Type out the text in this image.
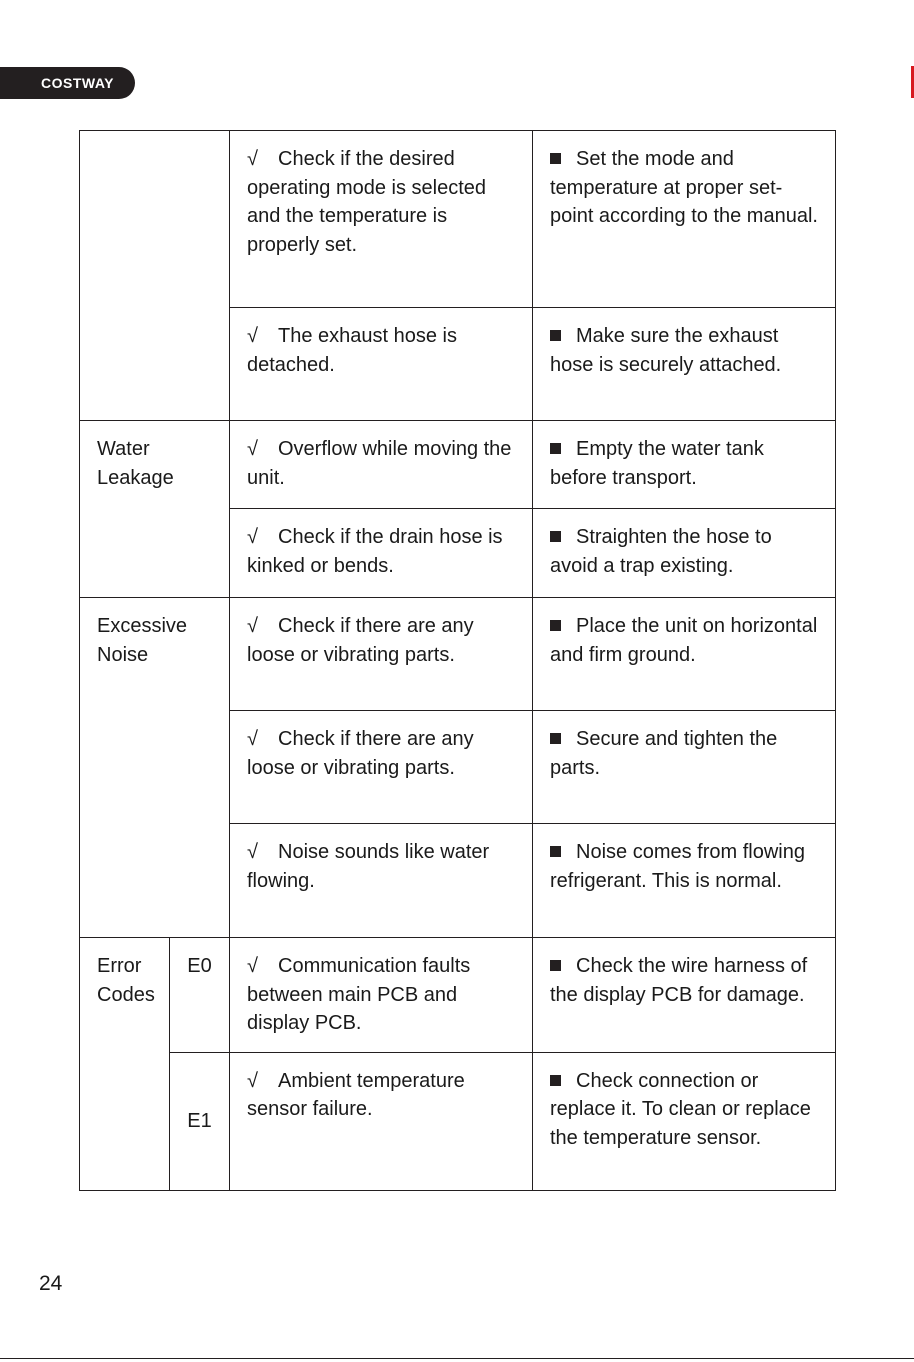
COSTWAY
		√ Check if the desired operating mode is selected and the temperature is properly set.	Set the mode and temperature at proper set-point according to the manual.
		√ The exhaust hose is detached.	Make sure the exhaust hose is securely attached.
Water Leakage		√ Overflow while moving the unit.	Empty the water tank before transport.
		√ Check if the drain hose is kinked or bends.	Straighten the hose to avoid a trap existing.
Excessive Noise		√ Check if there are any loose or vibrating parts.	Place the unit on horizontal and firm ground.
		√ Check if there are any loose or vibrating parts.	Secure and tighten the parts.
		√ Noise sounds like water flowing.	Noise comes from flowing refrigerant. This is normal.
Error Codes	E0	√ Communication faults between main PCB and display PCB.	Check the wire harness of the display PCB for damage.
	E1	√ Ambient temperature sensor failure.	Check connection or replace it. To clean or replace the temperature sensor.
24
